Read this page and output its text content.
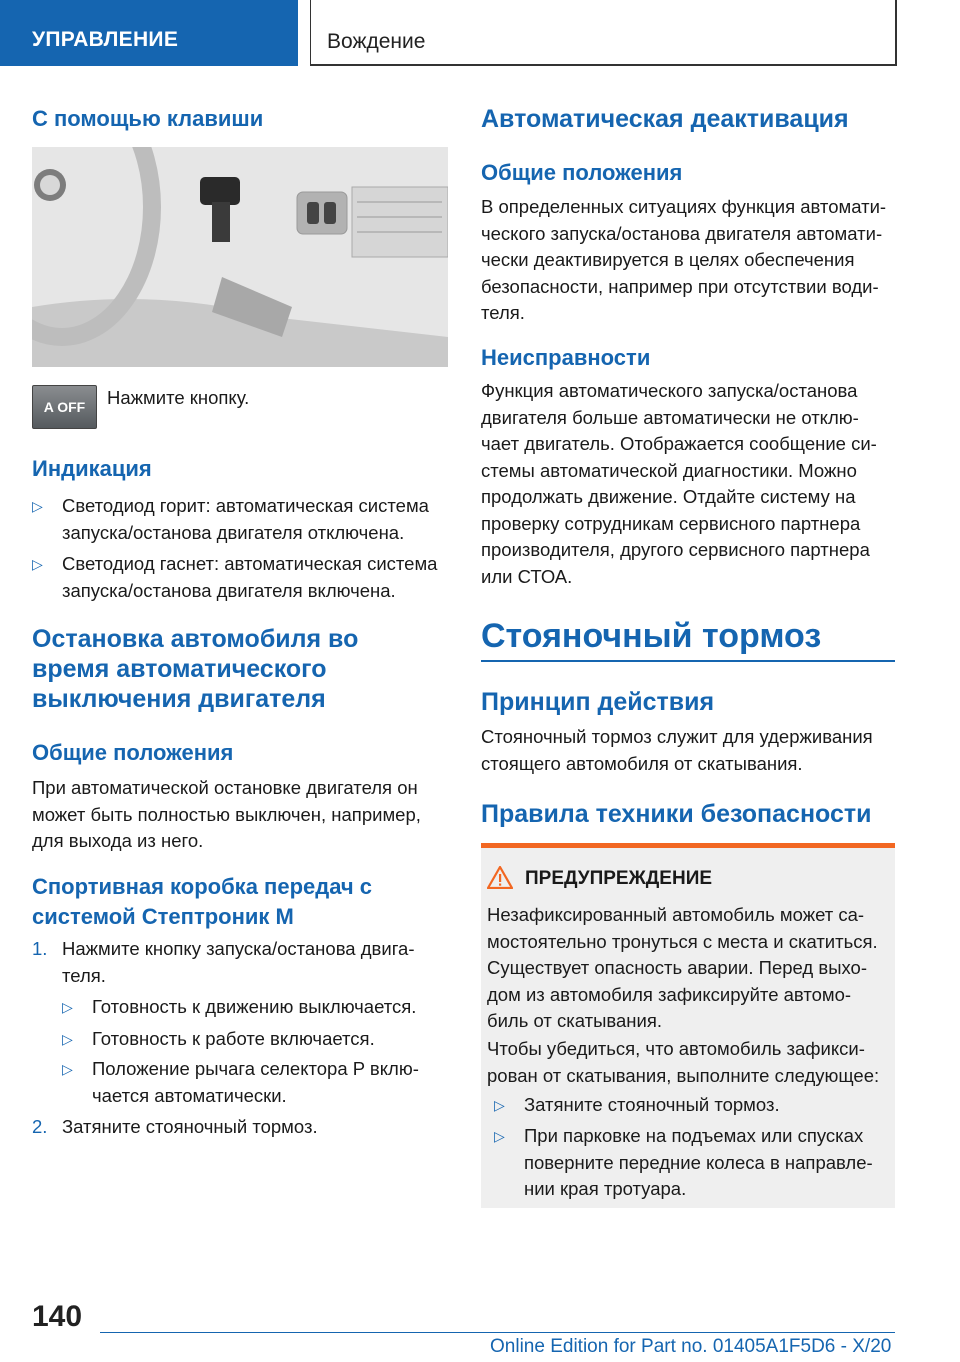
УПРАВЛЕНИЕ	Вождение
С помощью клавиши
A OFF Нажмите кнопку.
Индикация
▷ Светодиод горит: автоматическая система
запуска/останова двигателя отключена.
▷ Светодиод гаснет: автоматическая система
запуска/останова двигателя включена.
Остановка автомобиля во
время автоматического
выключения двигателя
Общие положения
При автоматической остановке двигателя он
может быть полностью выключен, например,
для выхода из него.
Спортивная коробка передач с
системой Стептроник M
1. Нажмите кнопку запуска/останова двига-
теля.
▷ Готовность к движению выключается.
▷ Готовность к работе включается.
▷ Положение рычага селектора P вклю-
чается автоматически.
2. Затяните стояночный тормоз.
Автоматическая деактивация
Общие положения
В определенных ситуациях функция автомати-
ческого запуска/останова двигателя автомати-
чески деактивируется в целях обеспечения
безопасности, например при отсутствии води-
теля.
Неисправности
Функция автоматического запуска/останова
двигателя больше автоматически не отклю-
чает двигатель. Отображается сообщение си-
стемы автоматической диагностики. Можно
продолжать движение. Отдайте систему на
проверку сотрудникам сервисного партнера
производителя, другого сервисного партнера
или СТОА.
Стояночный тормоз
Принцип действия
Стояночный тормоз служит для удерживания
стоящего автомобиля от скатывания.
Правила техники безопасности
ПРЕДУПРЕЖДЕНИЕ
Незафиксированный автомобиль может са-
мостоятельно тронуться с места и скатиться.
Существует опасность аварии. Перед выхо-
дом из автомобиля зафиксируйте автомо-
биль от скатывания.
Чтобы убедиться, что автомобиль зафикси-
рован от скатывания, выполните следующее:
▷ Затяните стояночный тормоз.
▷ При парковке на подъемах или спусках
поверните передние колеса в направле-
нии края тротуара.
140
Online Edition for Part no. 01405A1F5D6 - X/20
